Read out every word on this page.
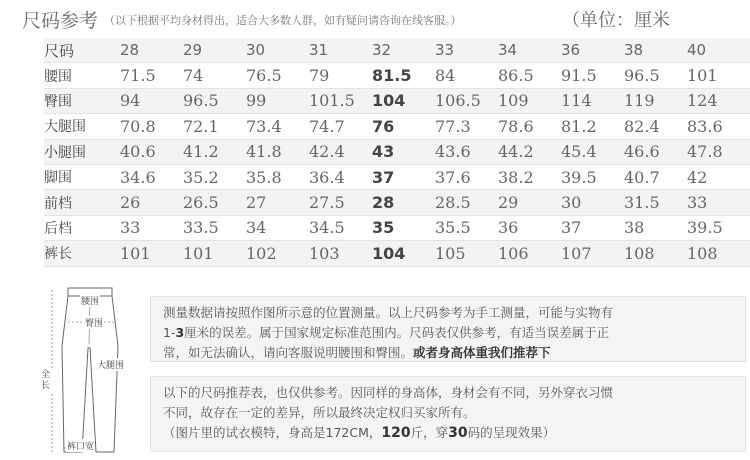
尺码参考 （以下根据平均身材得出，适合大多数人群，如有疑问请咨询在线客服。）	（单位：厘米
尺码	28	29	30	31	32	33	34	36	38	40
腰围	71.5	74	76.5	79	81.5	84	86.5	91.5	96.5	101
臀围	94	96.5	99	101.5	104	106.5	109	114	119	124
大腿围	70.8	72.1	73.4	74.7	76	77.3	78.6	81.2	82.4	83.6
小腿围	40.6	41.2	41.8	42.4	43	43.6	44.2	45.4	46.6	47.8
脚围	34.6	35.2	35.8	36.4	37	37.6	38.2	39.5	40.7	42
前档	26	26.5	27	27.5	28	28.5	29	30	31.5	33
后档	33	33.5	34	34.5	35	35.5	36	37	38	39.5
裤长	101	101	102	103	104	105	106	107	108	108
腰围
臀围
大腿围
全长
裤口宽
测量数据请按照作图所示意的位置测量。以上尺码参考为手工测量，可能与实物有
1-3厘米的误差。属于国家规定标准范围内。尺码表仅供参考，有适当误差属于正
常，如无法确认，请向客服说明腰围和臀围。或者身高体重我们推荐下
以下的尺码推荐表，也仅供参考。因同样的身高体，身材会有不同，另外穿衣习惯
不同，故存在一定的差异，所以最终决定权归买家所有。
（图片里的试衣模特，身高是172CM，120斤，穿30码的呈现效果）
